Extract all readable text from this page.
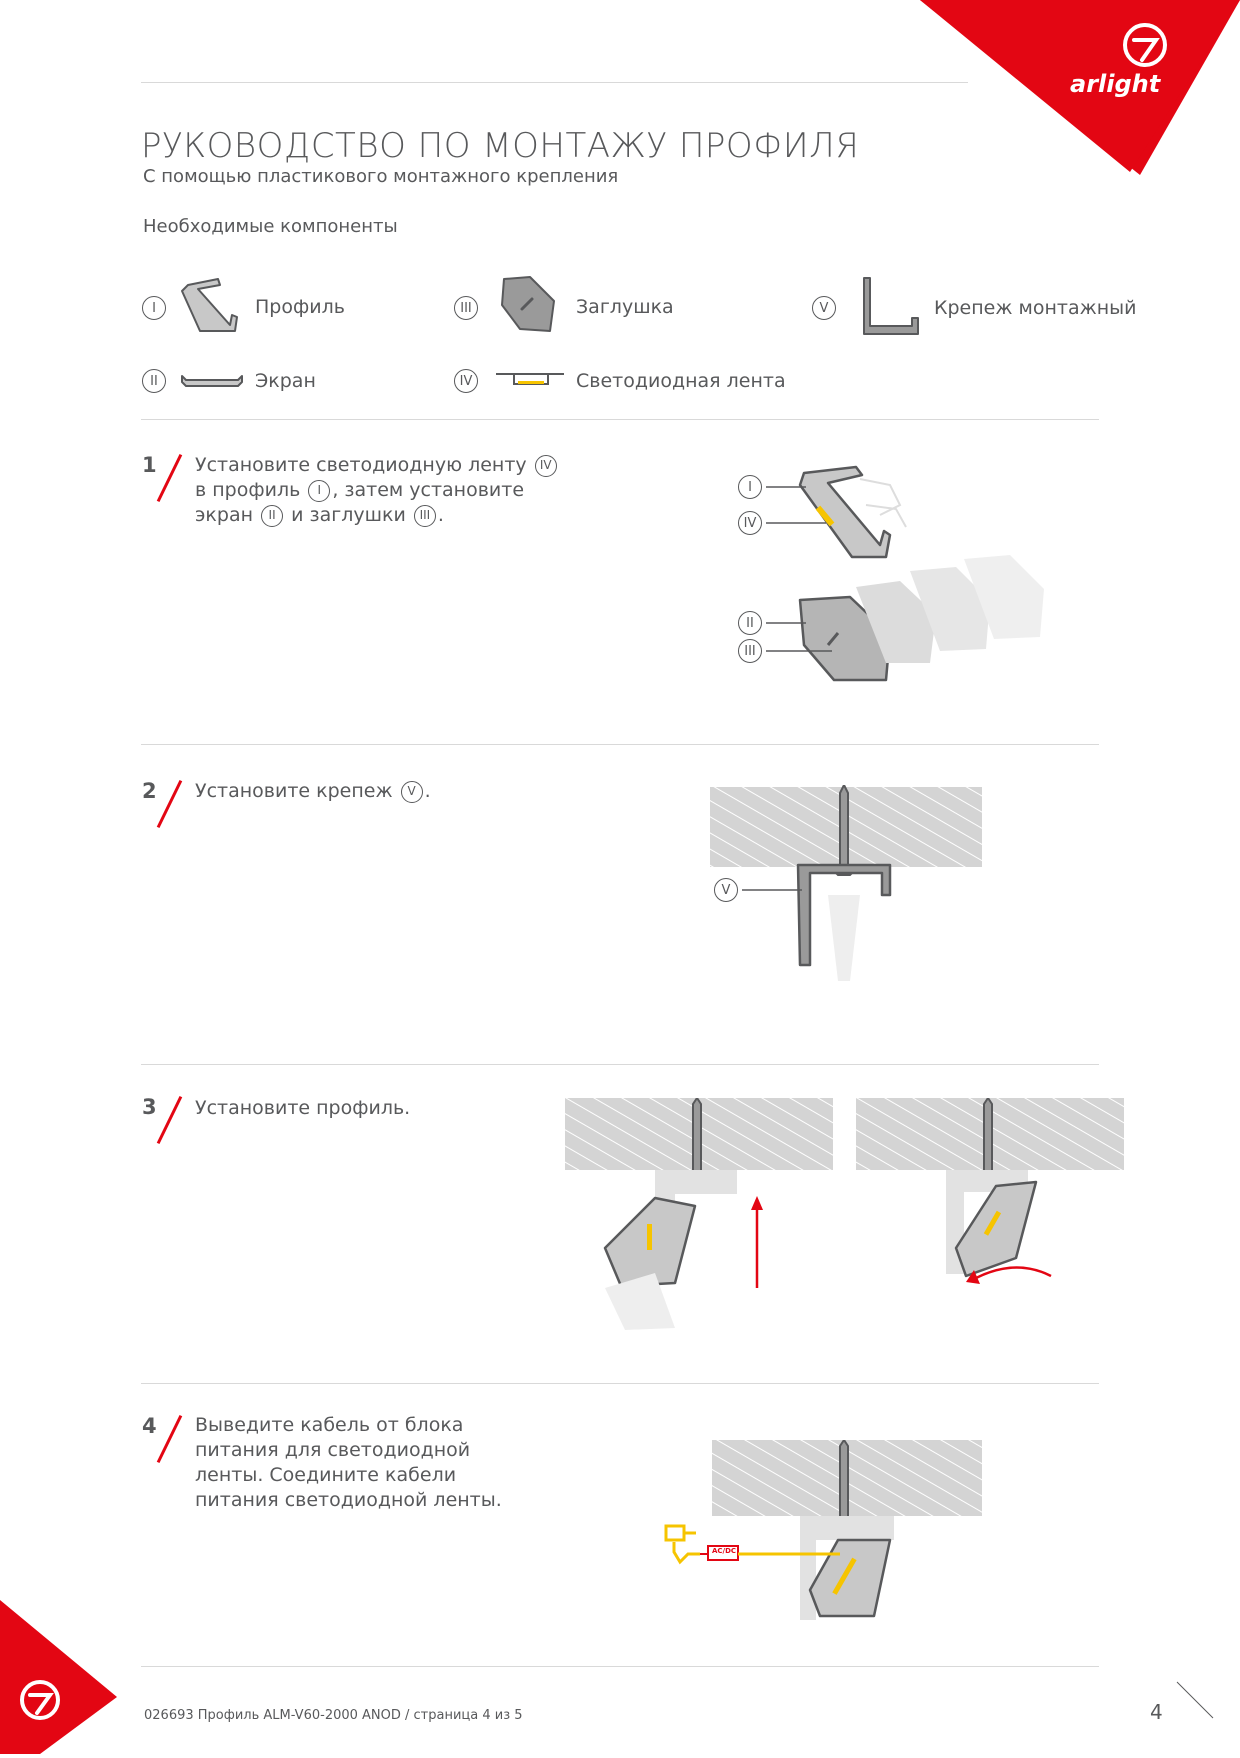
arlight
РУКОВОДСТВО ПО МОНТАЖУ ПРОФИЛЯ
С помощью пластикового монтажного крепления
Необходимые компоненты
I	Профиль
II	Экран
III	Заглушка
IV	Светодиодная лента
V	Крепеж монтажный
1 Установите светодиодную ленту IV
в профиль I , затем установите экран II и заглушки III .
I
IV
II
III
2 Установите крепеж V .
V
3 Установите профиль.
4 Выведите кабель от блока питания для светодиодной ленты. Соедините кабели питания светодиодной ленты.
AC/DC
026693 Профиль ALM-V60-2000 ANOD / страница 4 из 5	4
